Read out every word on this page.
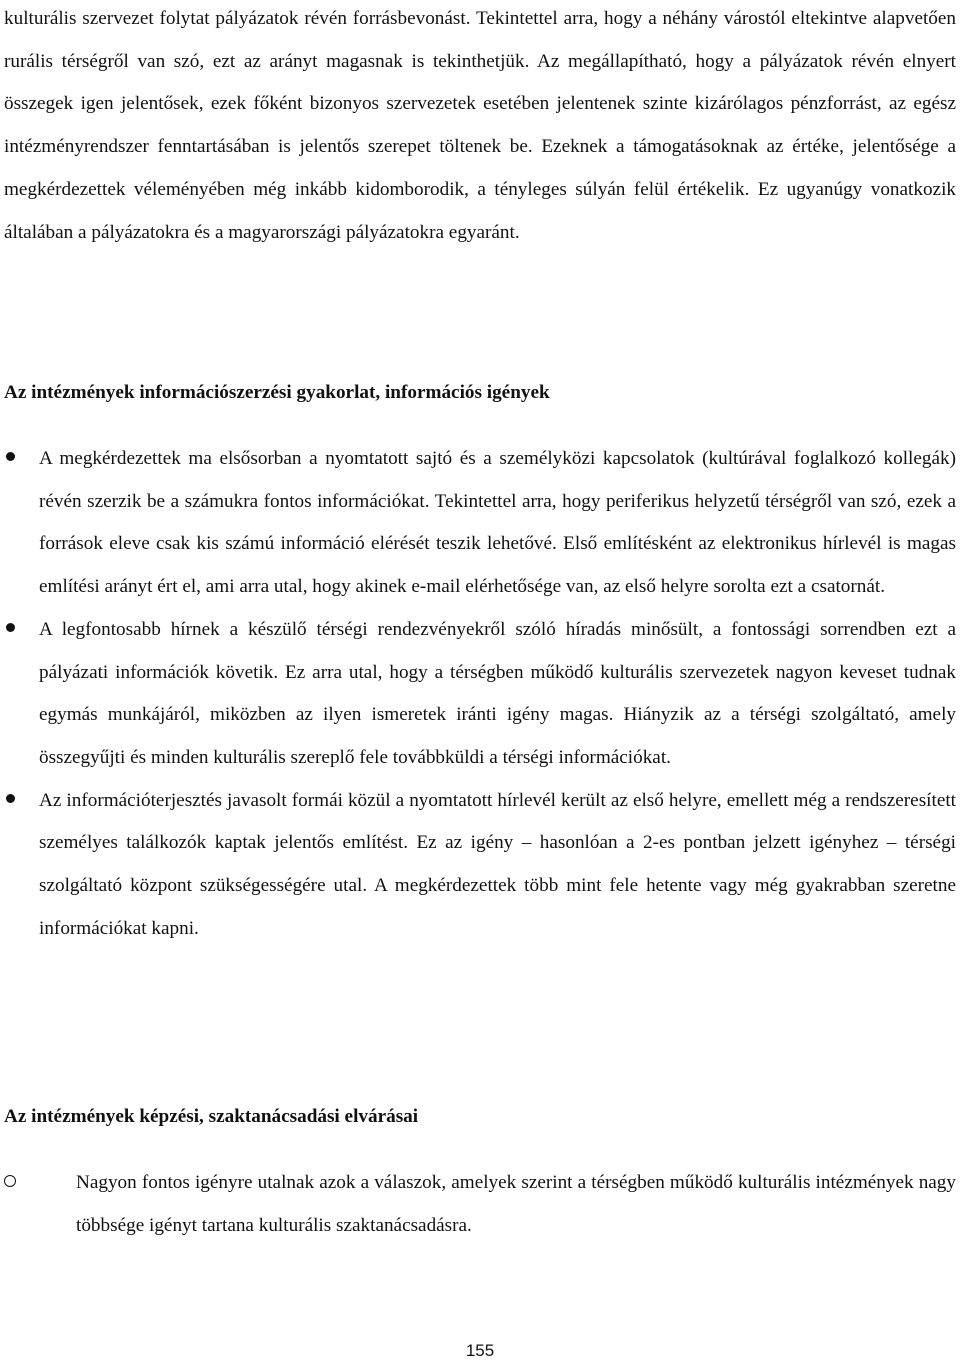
kulturális szervezet folytat pályázatok révén forrásbevonást. Tekintettel arra, hogy a néhány várostól eltekintve alapvetően rurális térségről van szó, ezt az arányt magasnak is tekinthetjük. Az megállapítható, hogy a pályázatok révén elnyert összegek igen jelentősek, ezek főként bizonyos szervezetek esetében jelentenek szinte kizárólagos pénzforrást, az egész intézményrendszer fenntartásában is jelentős szerepet töltenek be. Ezeknek a támogatásoknak az értéke, jelentősége a megkérdezettek véleményében még inkább kidomborodik, a tényleges súlyán felül értékelik. Ez ugyanúgy vonatkozik általában a pályázatokra és a magyarországi pályázatokra egyaránt.

Az intézmények információszerzési gyakorlat, információs igények
A megkérdezettek ma elsősorban a nyomtatott sajtó és a személyközi kapcsolatok (kultúrával foglalkozó kollegák) révén szerzik be a számukra fontos információkat. Tekintettel arra, hogy periferikus helyzetű térségről van szó, ezek a források eleve csak kis számú információ elérését teszik lehetővé. Első említésként az elektronikus hírlevél is magas említési arányt ért el, ami arra utal, hogy akinek e-mail elérhetősége van, az első helyre sorolta ezt a csatornát.
A legfontosabb hírnek a készülő térségi rendezvényekről szóló híradás minősült, a fontossági sorrendben ezt a pályázati információk követik. Ez arra utal, hogy a térségben működő kulturális szervezetek nagyon keveset tudnak egymás munkájáról, miközben az ilyen ismeretek iránti igény magas. Hiányzik az a térségi szolgáltató, amely összegyűjti és minden kulturális szereplő fele továbbküldi a térségi információkat.
Az információterjesztés javasolt formái közül a nyomtatott hírlevél került az első helyre, emellett még a rendszeresített személyes találkozók kaptak jelentős említést. Ez az igény – hasonlóan a 2-es pontban jelzett igényhez – térségi szolgáltató központ szükségességére utal. A megkérdezettek több mint fele hetente vagy még gyakrabban szeretne információkat kapni.
Az intézmények képzési, szaktanácsadási elvárásai
Nagyon fontos igényre utalnak azok a válaszok, amelyek szerint a térségben működő kulturális intézmények nagy többsége igényt tartana kulturális szaktanácsadásra.
155
